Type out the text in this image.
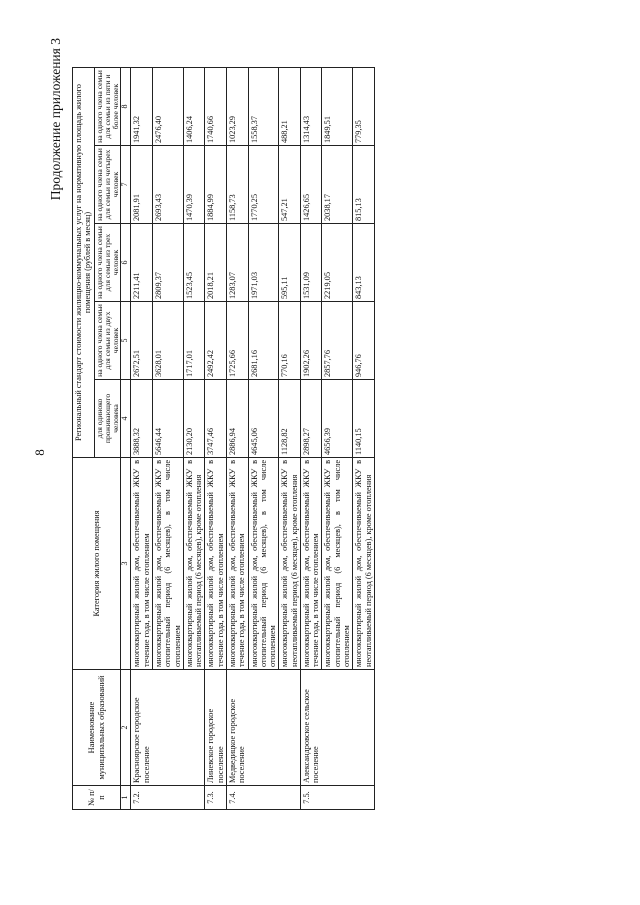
8
Продолжение приложения 3
№ п/п	Наименование муниципальных образований	Категория жилого помещения	Региональный стандарт стоимости жилищно-коммунальных услуг на нормативную площадь жилого помещения (рублей в месяц)				
			для одиноко проживающего человека	на одного члена семьи для семьи из двух человек	на одного члена семьи для семьи из трех человек	на одного члена семьи для семьи из четырех человек	на одного члена семьи для семьи из пяти и более человек
1	2	3	4	5	6	7	8
7.2.	Красноярское городское поселение	многоквартирный жилой дом, обеспечиваемый ЖКУ в течение года, в том числе отоплением	3888,32	2672,51	2211,41	2081,91	1941,32
		многоквартирный жилой дом, обеспечиваемый ЖКУ в отопительный период (6 месяцев), в том числе отоплением	5646,44	3628,01	2809,37	2693,43	2476,40
		многоквартирный жилой дом, обеспечиваемый ЖКУ в неотапливаемый период (6 месяцев), кроме отопления	2130,20	1717,01	1523,45	1470,39	1406,24
7.3.	Линевское городское поселение	многоквартирный жилой дом, обеспечиваемый ЖКУ в течение года, в том числе отоплением	3747,46	2492,42	2018,21	1884,99	1740,66
7.4.	Медведицкое городское поселение	многоквартирный жилой дом, обеспечиваемый ЖКУ в течение года, в том числе отоплением	2886,94	1725,66	1283,07	1158,73	1023,29
		многоквартирный жилой дом, обеспечиваемый ЖКУ в отопительный период (6 месяцев), в том числе отоплением	4645,06	2681,16	1971,03	1770,25	1558,37
		многоквартирный жилой дом, обеспечиваемый ЖКУ в неотапливаемый период (6 месяцев), кроме отопления	1128,82	770,16	595,11	547,21	488,21
7.5.	Александровское сельское поселение	многоквартирный жилой дом, обеспечиваемый ЖКУ в течение года, в том числе отоплением	2898,27	1902,26	1531,09	1426,65	1314,43
		многоквартирный жилой дом, обеспечиваемый ЖКУ в отопительный период (6 месяцев), в том числе отоплением	4656,39	2857,76	2219,05	2038,17	1849,51
		многоквартирный жилой дом, обеспечиваемый ЖКУ в неотапливаемый период (6 месяцев), кроме отопления	1140,15	946,76	843,13	815,13	779,35
